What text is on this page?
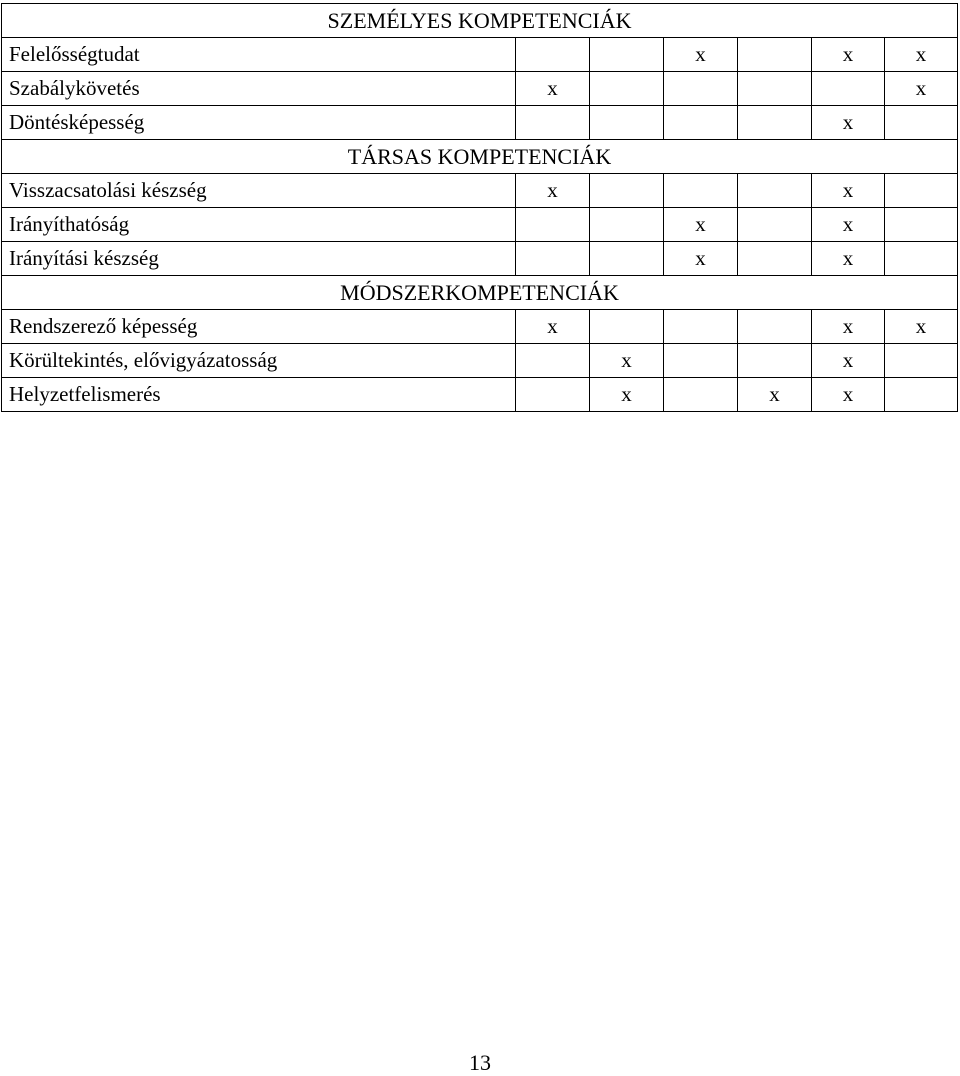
SZEMÉLYES KOMPETENCIÁK						
Felelősségtudat			x		x	x
Szabálykövetés	x					x
Döntésképesség					x	
TÁRSAS KOMPETENCIÁK						
Visszacsatolási készség	x				x	
Irányíthatóság			x		x	
Irányítási készség			x		x	
MÓDSZERKOMPETENCIÁK						
Rendszerező képesség	x				x	x
Körültekintés, elővigyázatosság		x			x	
Helyzetfelismerés		x		x	x	
13
